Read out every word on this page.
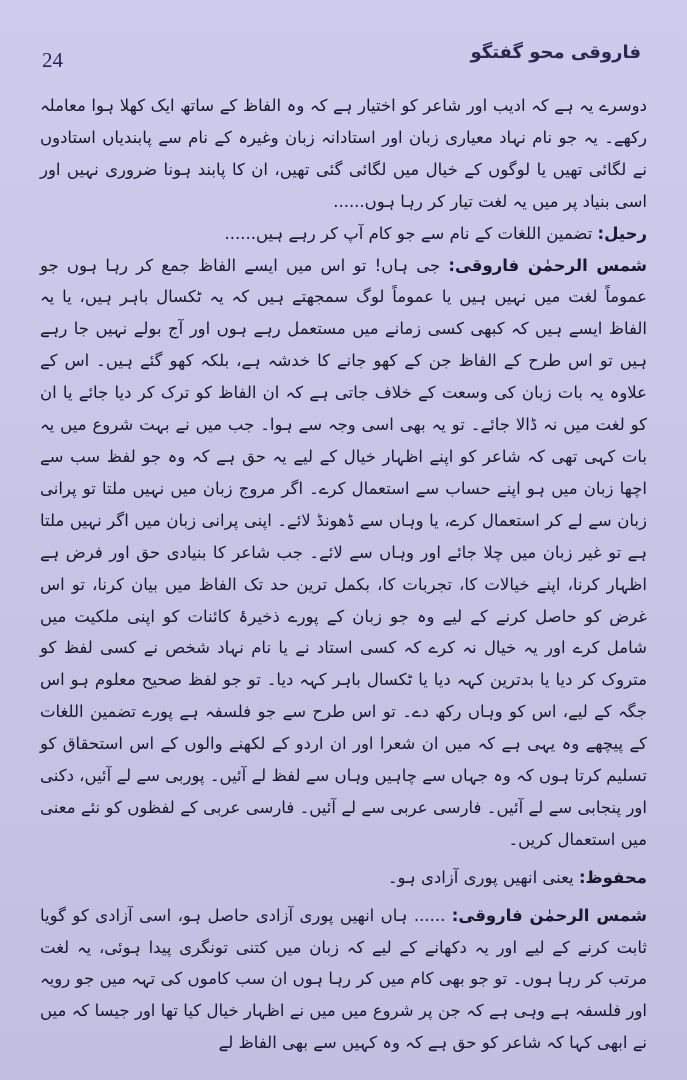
24	فاروقی محو گفتگو

دوسرے یہ ہے کہ ادیب اور شاعر کو اختیار ہے کہ وہ الفاظ کے ساتھ ایک کھلا ہوا معاملہ رکھے۔ یہ جو نام نہاد معیاری زبان اور استادانہ زبان وغیرہ کے نام سے پابندیاں استادوں نے لگائی تھیں یا لوگوں کے خیال میں لگائی گئی تھیں، ان کا پابند ہونا ضروری نہیں اور اسی بنیاد پر میں یہ لغت تیار کر رہا ہوں......

رحیل: تضمین اللغات کے نام سے جو کام آپ کر رہے ہیں......

شمس الرحمٰن فاروقی: جی ہاں! تو اس میں ایسے الفاظ جمع کر رہا ہوں جو عموماً لغت میں نہیں ہیں یا عموماً لوگ سمجھتے ہیں کہ یہ ٹکسال باہر ہیں، یا یہ الفاظ ایسے ہیں کہ کبھی کسی زمانے میں مستعمل رہے ہوں اور آج بولے نہیں جا رہے ہیں تو اس طرح کے الفاظ جن کے کھو جانے کا خدشہ ہے، بلکہ کھو گئے ہیں۔ اس کے علاوہ یہ بات زبان کی وسعت کے خلاف جاتی ہے کہ ان الفاظ کو ترک کر دیا جائے یا ان کو لغت میں نہ ڈالا جائے۔ تو یہ بھی اسی وجہ سے ہوا۔ جب میں نے بہت شروع میں یہ بات کہی تھی کہ شاعر کو اپنے اظہار خیال کے لیے یہ حق ہے کہ وہ جو لفظ سب سے اچھا زبان میں ہو اپنے حساب سے استعمال کرے۔ اگر مروج زبان میں نہیں ملتا تو پرانی زبان سے لے کر استعمال کرے، یا وہاں سے ڈھونڈ لائے۔ اپنی پرانی زبان میں اگر نہیں ملتا ہے تو غیر زبان میں چلا جائے اور وہاں سے لائے۔ جب شاعر کا بنیادی حق اور فرض ہے اظہار کرنا، اپنے خیالات کا، تجربات کا، بکمل ترین حد تک الفاظ میں بیان کرنا، تو اس غرض کو حاصل کرنے کے لیے وہ جو زبان کے پورے ذخیرۂ کائنات کو اپنی ملکیت میں شامل کرے اور یہ خیال نہ کرے کہ کسی استاد نے یا نام نہاد شخص نے کسی لفظ کو متروک کر دیا یا بدترین کہہ دیا یا ٹکسال باہر کہہ دیا۔ تو جو لفظ صحیح معلوم ہو اس جگہ کے لیے، اس کو وہاں رکھ دے۔ تو اس طرح سے جو فلسفہ ہے پورے تضمین اللغات کے پیچھے وہ یہی ہے کہ میں ان شعرا اور ان اردو کے لکھنے والوں کے اس استحقاق کو تسلیم کرتا ہوں کہ وہ جہاں سے چاہیں وہاں سے لفظ لے آئیں۔ پوربی سے لے آئیں، دکنی اور پنجابی سے لے آئیں۔ فارسی عربی سے لے آئیں۔ فارسی عربی کے لفظوں کو نئے معنی میں استعمال کریں۔

محفوظ: یعنی انھیں پوری آزادی ہو۔

شمس الرحمٰن فاروقی: ...... ہاں انھیں پوری آزادی حاصل ہو، اسی آزادی کو گویا ثابت کرنے کے لیے اور یہ دکھانے کے لیے کہ زبان میں کتنی تونگری پیدا ہوئی، یہ لغت مرتب کر رہا ہوں۔ تو جو بھی کام میں کر رہا ہوں ان سب کاموں کی تہہ میں جو رویہ اور فلسفہ ہے وہی ہے کہ جن پر شروع میں میں نے اظہار خیال کیا تھا اور جیسا کہ میں نے ابھی کہا کہ شاعر کو حق ہے کہ وہ کہیں سے بھی الفاظ لے
